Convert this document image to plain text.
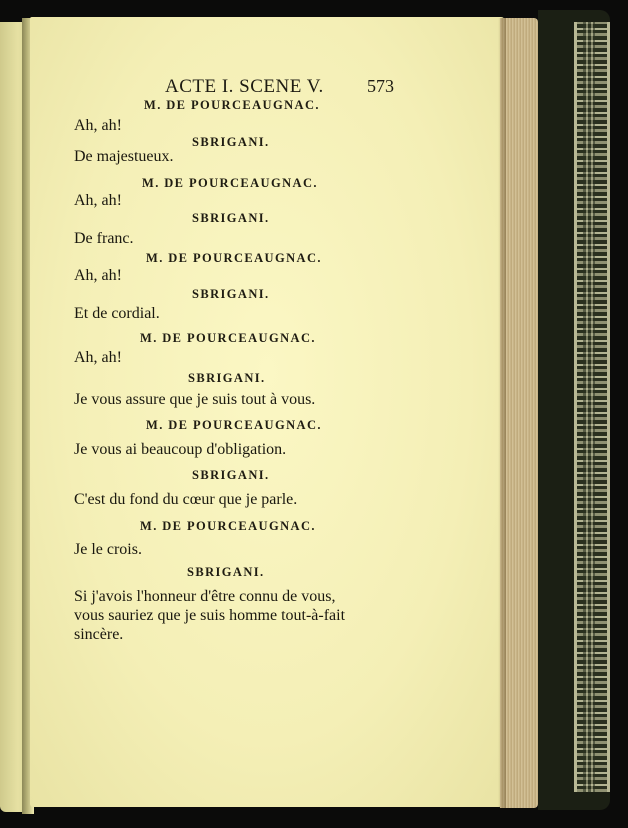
ACTE I. SCENE V. 573
M. DE POURCEAUGNAC.
Ah, ah!
SBRIGANI.
De majestueux.
M. DE POURCEAUGNAC.
Ah, ah!
SBRIGANI.
De franc.
M. DE POURCEAUGNAC.
Ah, ah!
SBRIGANI.
Et de cordial.
M. DE POURCEAUGNAC.
Ah, ah!
SBRIGANI.
Je vous assure que je suis tout à vous.
M. DE POURCEAUGNAC.
Je vous ai beaucoup d'obligation.
SBRIGANI.
C'est du fond du cœur que je parle.
M. DE POURCEAUGNAC.
Je le crois.
SBRIGANI.
Si j'avois l'honneur d'être connu de vous,
vous sauriez que je suis homme tout-à-fait
sincère.
